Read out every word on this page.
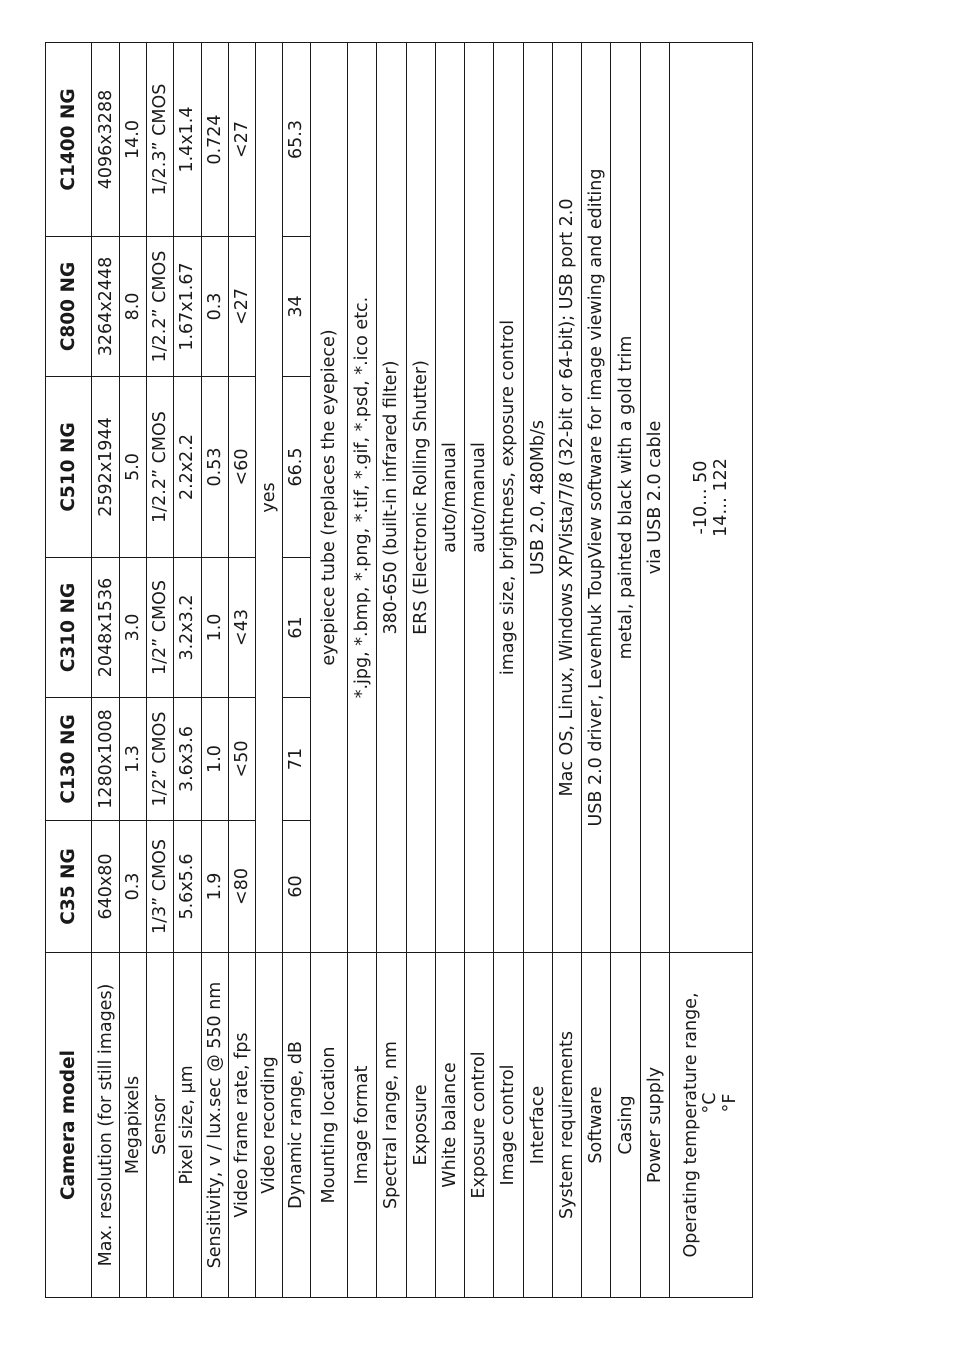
Camera model	C35 NG	C130 NG	C310 NG	C510 NG	C800 NG	C1400 NG
Max. resolution (for still images)	640x80	1280x1008	2048x1536	2592x1944	3264x2448	4096x3288
Megapixels	0.3	1.3	3.0	5.0	8.0	14.0
Sensor	1/3” CMOS	1/2” CMOS	1/2” CMOS	1/2.2” CMOS	1/2.2” CMOS	1/2.3” CMOS
Pixel size, μm	5.6x5.6	3.6x3.6	3.2x3.2	2.2x2.2	1.67x1.67	1.4x1.4
Sensitivity, v / lux.sec @ 550 nm	1.9	1.0	1.0	0.53	0.3	0.724
Video frame rate, fps	<80	<50	<43	<60	<27	<27
Video recording	yes					
Dynamic range, dB	60	71	61	66.5	34	65.3
Mounting location	eyepiece tube (replaces the eyepiece)					
Image format	*.jpg, *.bmp, *.png, *.tif, *.gif, *.psd, *.ico etc.					
Spectral range, nm	380-650 (built-in infrared filter)					
Exposure	ERS (Electronic Rolling Shutter)					
White balance	auto/manual					
Exposure control	auto/manual					
Image control	image size, brightness, exposure control					
Interface	USB 2.0, 480Mb/s					
System requirements	Mac OS, Linux, Windows XP/Vista/7/8 (32-bit or 64-bit); USB port 2.0					
Software	USB 2.0 driver, Levenhuk ToupView software for image viewing and editing					
Casing	metal, painted black with a gold trim					
Power supply	via USB 2.0 cable					
Operating temperature range, °C °F	-10… 50 14… 122					
